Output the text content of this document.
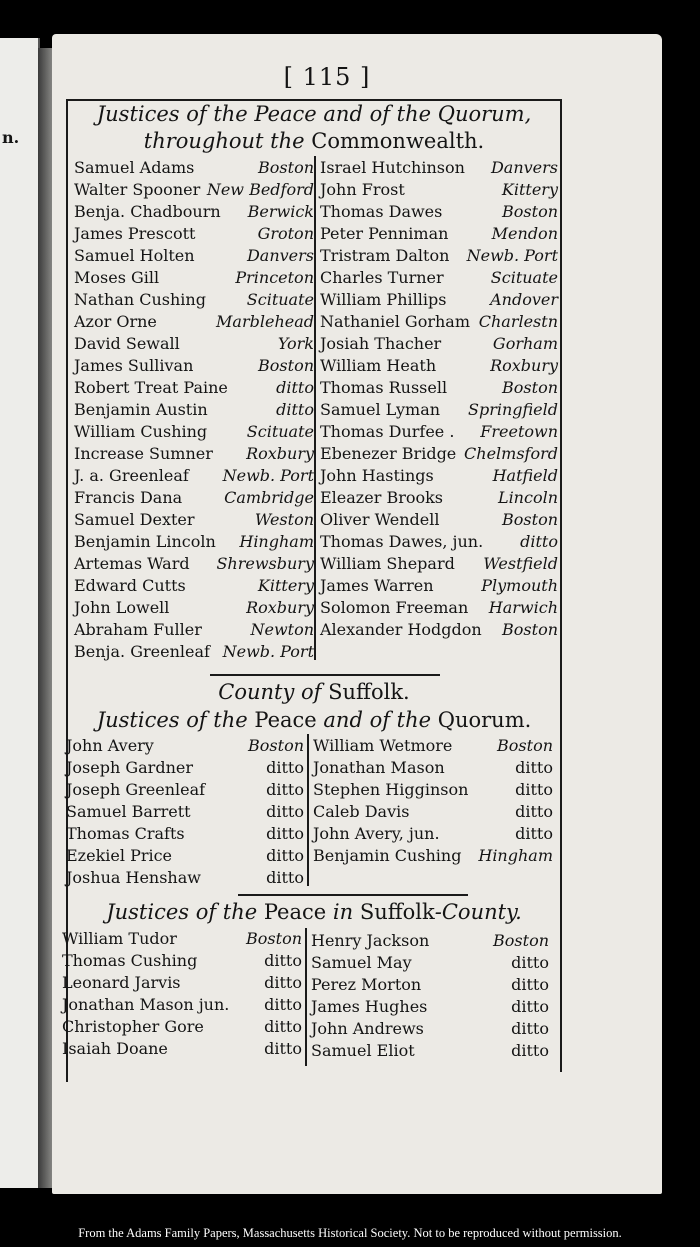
n.
[ 115 ]
Justices of the Peace and of the Quorum,
throughout the Commonwealth.
Samuel Adams	Boston
Walter Spooner New Bedford
Benja. Chadbourn Berwick
James Prescott	Groton
Samuel Holten	Danvers
Moses Gill	Princeton
Nathan Cushing	Scituate
Azor Orne	Marblehead
David Sewall	York
James Sullivan	Boston
Robert Treat Paine	ditto
Benjamin Austin	ditto
William Cushing Scituate
Increase Sumner Roxbury
J. a. Greenleaf Newb. Port
Francis Dana	Cambridge
Samuel Dexter	Weston
Benjamin Lincoln Hingham
Artemas Ward Shrewsbury
Edward Cutts	Kittery
John Lowell	Roxbury
Abraham Fuller	Newton
Benja. Greenleaf Newb. Port
Israel Hutchinson Danvers
John Frost	Kittery
Thomas Dawes	Boston
Peter Penniman	Mendon
Tristram Dalton Newb. Port
Charles Turner	Scituate
William Phillips	Andover
Nathaniel Gorham Charlestn
Josiah Thacher	Gorham
William Heath	Roxbury
Thomas Russell	Boston
Samuel Lyman Springfield
Thomas Durfee . Freetown
Ebenezer Bridge Chelmsford
John Hastings	Hatfield
Eleazer Brooks	Lincoln
Oliver Wendell	Boston
Thomas Dawes, jun. ditto
William Shepard Westfield
James Warren	Plymouth
Solomon Freeman Harwich
Alexander Hodgdon Boston
County of Suffolk.
Justices of the Peace and of the Quorum.
John Avery	Boston
Joseph Gardner	ditto
Joseph Greenleaf	ditto
Samuel Barrett	ditto
Thomas Crafts	ditto
Ezekiel Price	ditto
Joshua Henshaw	ditto
William Wetmore	Boston
Jonathan Mason	ditto
Stephen Higginson	ditto
Caleb Davis	ditto
John Avery, jun.	ditto
Benjamin Cushing Hingham
Justices of the Peace in Suffolk-County.
William Tudor	Boston
Thomas Cushing	ditto
Leonard Jarvis	ditto
Jonathan Mason jun. ditto
Christopher Gore	ditto
Isaiah Doane	ditto
Henry Jackson	Boston
Samuel May	ditto
Perez Morton	ditto
James Hughes	ditto
John Andrews	ditto
Samuel Eliot	ditto
From the Adams Family Papers, Massachusetts Historical Society. Not to be reproduced without permission.
